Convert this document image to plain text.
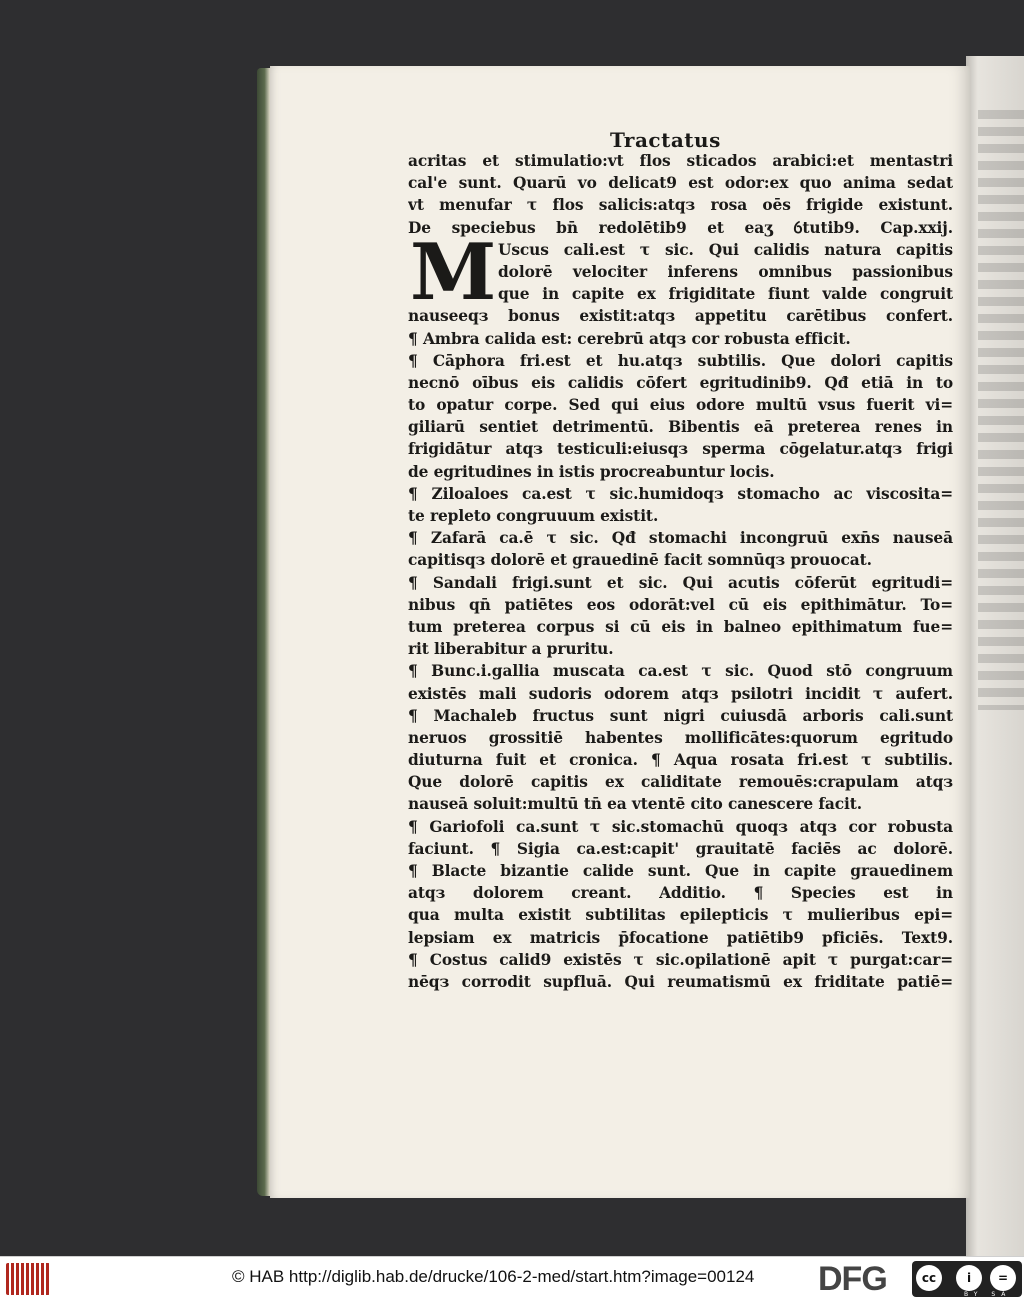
Tractatus
M
acritas et stimulatio:vt flos sticados arabici:et mentastri
cal'e sunt. Quarū vo delicat9 est odor:ex quo anima sedat
vt menufar τ flos salicis:atqз rosa oēs frigide existunt.
De speciebus bn̄ redolētib9 et eaӡ ỽtutib9. Cap.xxij.
Uscus cali.est τ sic. Qui calidis natura capitis
dolorē velociter inferens omnibus passionibus
que in capite ex frigiditate fiunt valde congruit
nauseeqз bonus existit:atqз appetitu carētibus confert.
¶ Ambra calida est: cerebrū atqз cor robusta efficit.
¶ Cāphora fri.est et hu.atqз subtilis. Que dolori capitis
necnō oībus eis calidis cōfert egritudinib9. Qđ etiā in to
to opatur corpe. Sed qui eius odore multū vsus fuerit vi=
giliarū sentiet detrimentū. Bibentis eā preterea renes in
frigidātur atqз testiculi:eiusqз sperma cōgelatur.atqз frigi
de egritudines in istis procreabuntur locis.
¶ Ziloaloes ca.est τ sic.humidoqз stomacho ac viscositа=
te repleto congruuum existit.
¶ Zafarā ca.ē τ sic. Qđ stomachi incongruū exn̄s nauseā
capitisqз dolorē et grauedinē facit somnūqз prouocat.
¶ Sandali frigi.sunt et sic. Qui acutis cōferūt egritudi=
nibus qn̄ patiētes eos odorāt:vel cū eis epithimātur. To=
tum preterea corpus si cū eis in balneo epithimatum fue=
rit liberabitur a pruritu.
¶ Bunc.i.gallia muscata ca.est τ sic. Quod stō congruum
existēs mali sudoris odorem atqз psilotri incidit τ aufert.
¶ Machaleb fructus sunt nigri cuiusdā arboris cali.sunt
neruos grossitiē habentes mollificātes:quorum egritudo
diuturna fuit et cronica. ¶ Aqua rosata fri.est τ subtilis.
Que dolorē capitis ex caliditate remouēs:crapulam atqз
nauseā soluit:multū tn̄ ea vtentē cito canescere facit.
¶ Gariofoli ca.sunt τ sic.stomachū quoqз atqз cor robusta
faciunt. ¶ Sigia ca.est:capit' grauitatē faciēs ac dolorē.
¶ Blacte bizantie calide sunt. Que in capite grauedinem
atqз dolorem creant. Additio. ¶ Species est in
qua multa existit subtilitas epilepticis τ mulieribus epi=
lepsiam ex matricis p̄focatione patiētib9 pficiēs. Text9.
¶ Costus calid9 existēs τ sic.opilationē apit τ purgat:car=
nēqз corrodit supfluā. Qui reumatismū ex friditate patiē=
© HAB http://diglib.hab.de/drucke/106-2-med/start.htm?image=00124 DFG	cc	i	=
BY SA
